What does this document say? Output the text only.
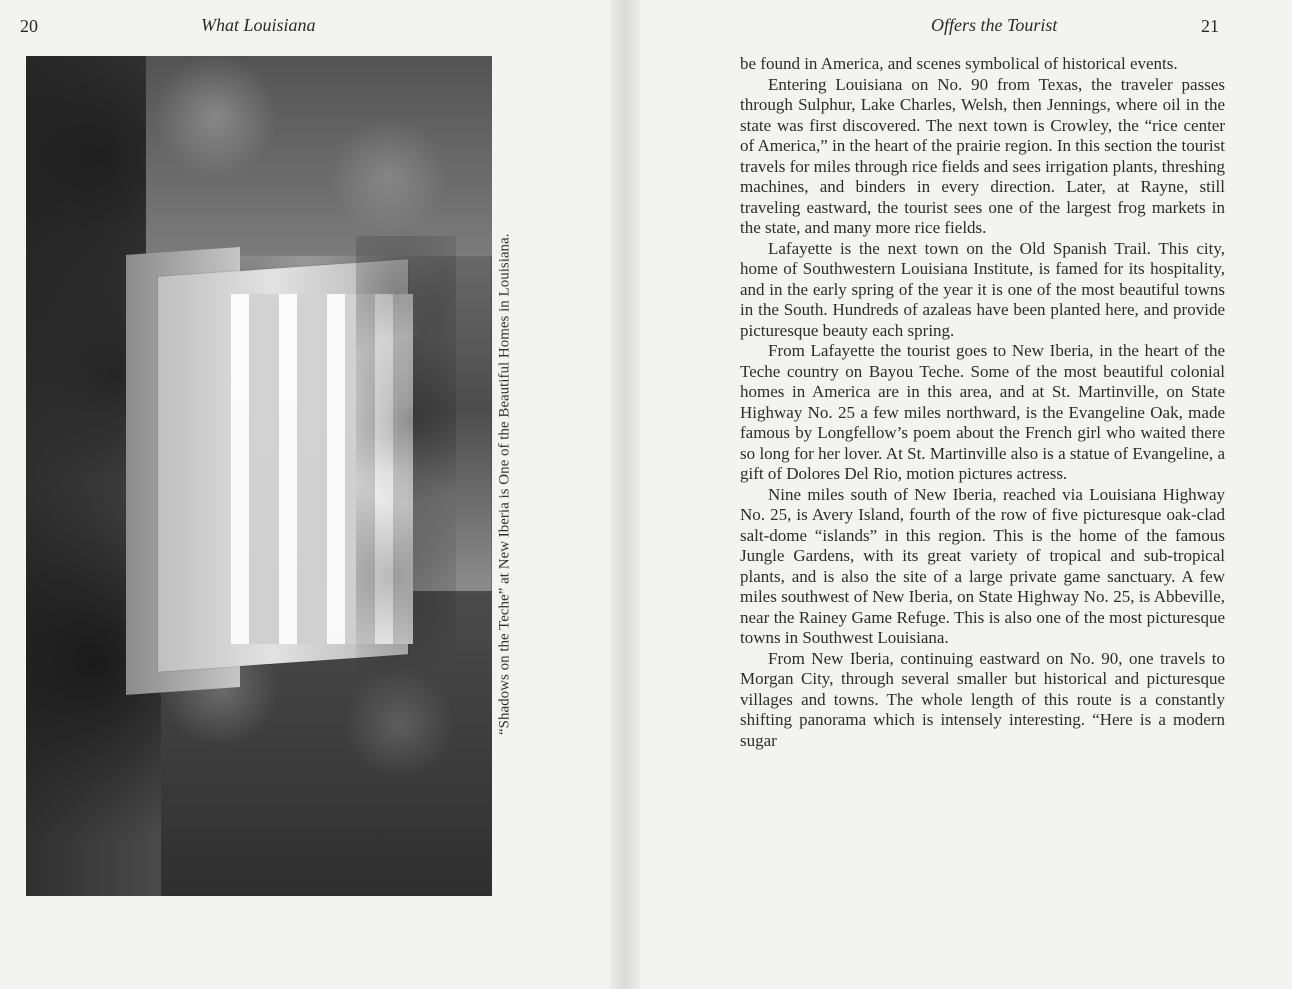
20	What Louisiana
“Shadows on the Teche” at New Iberia is One of the Beautiful Homes in Louisiana.
Offers the Tourist	21

be found in America, and scenes symbolical of historical events.

Entering Louisiana on No. 90 from Texas, the traveler passes through Sulphur, Lake Charles, Welsh, then Jennings, where oil in the state was first discovered. The next town is Crowley, the “rice center of America,” in the heart of the prairie region. In this section the tourist travels for miles through rice fields and sees irrigation plants, threshing machines, and binders in every direction. Later, at Rayne, still traveling eastward, the tourist sees one of the largest frog markets in the state, and many more rice fields.

Lafayette is the next town on the Old Spanish Trail. This city, home of Southwestern Louisiana Institute, is famed for its hospitality, and in the early spring of the year it is one of the most beautiful towns in the South. Hundreds of azaleas have been planted here, and provide picturesque beauty each spring.

From Lafayette the tourist goes to New Iberia, in the heart of the Teche country on Bayou Teche. Some of the most beautiful colonial homes in America are in this area, and at St. Martinville, on State Highway No. 25 a few miles northward, is the Evangeline Oak, made famous by Longfellow’s poem about the French girl who waited there so long for her lover. At St. Martinville also is a statue of Evangeline, a gift of Dolores Del Rio, motion pictures actress.

Nine miles south of New Iberia, reached via Louisiana Highway No. 25, is Avery Island, fourth of the row of five picturesque oak-clad salt-dome “islands” in this region. This is the home of the famous Jungle Gardens, with its great variety of tropical and sub-tropical plants, and is also the site of a large private game sanctuary. A few miles southwest of New Iberia, on State Highway No. 25, is Abbeville, near the Rainey Game Refuge. This is also one of the most picturesque towns in Southwest Louisiana.

From New Iberia, continuing eastward on No. 90, one travels to Morgan City, through several smaller but historical and picturesque villages and towns. The whole length of this route is a constantly shifting panorama which is intensely interesting. “Here is a modern sugar
